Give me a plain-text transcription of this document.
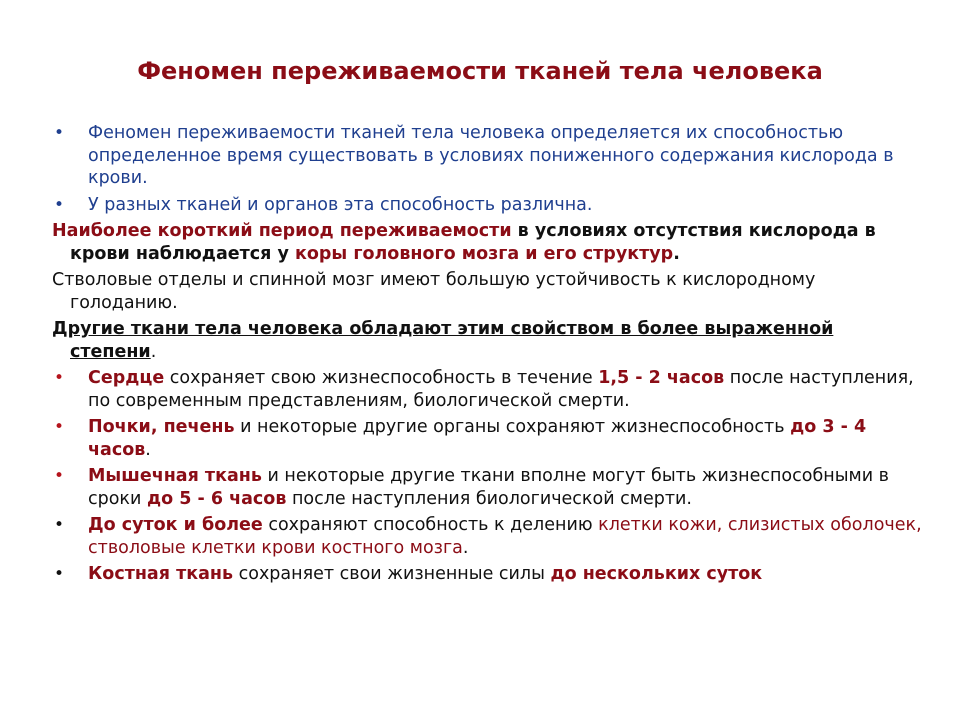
Феномен переживаемости тканей тела человека
• Феномен переживаемости тканей тела человека определяется их способностью определенное время существовать в условиях пониженного содержания кислорода в крови.
• У разных тканей и органов эта способность различна.
Наиболее короткий период переживаемости в условиях отсутствия кислорода в крови наблюдается у коры головного мозга и его структур.
Стволовые отделы и спинной мозг имеют большую устойчивость к кислородному голоданию.
Другие ткани тела человека обладают этим свойством в более выраженной степени.
• Сердце сохраняет свою жизнеспособность в течение 1,5 - 2 часов после наступления, по современным представлениям, биологической смерти.
• Почки, печень и некоторые другие органы сохраняют жизнеспособность до 3 - 4 часов.
• Мышечная ткань и некоторые другие ткани вполне могут быть жизнеспособными в сроки до 5 - 6 часов после наступления биологической смерти.
• До суток и более сохраняют способность к делению клетки кожи, слизистых оболочек, стволовые клетки крови костного мозга.
• Костная ткань сохраняет свои жизненные силы до нескольких суток
